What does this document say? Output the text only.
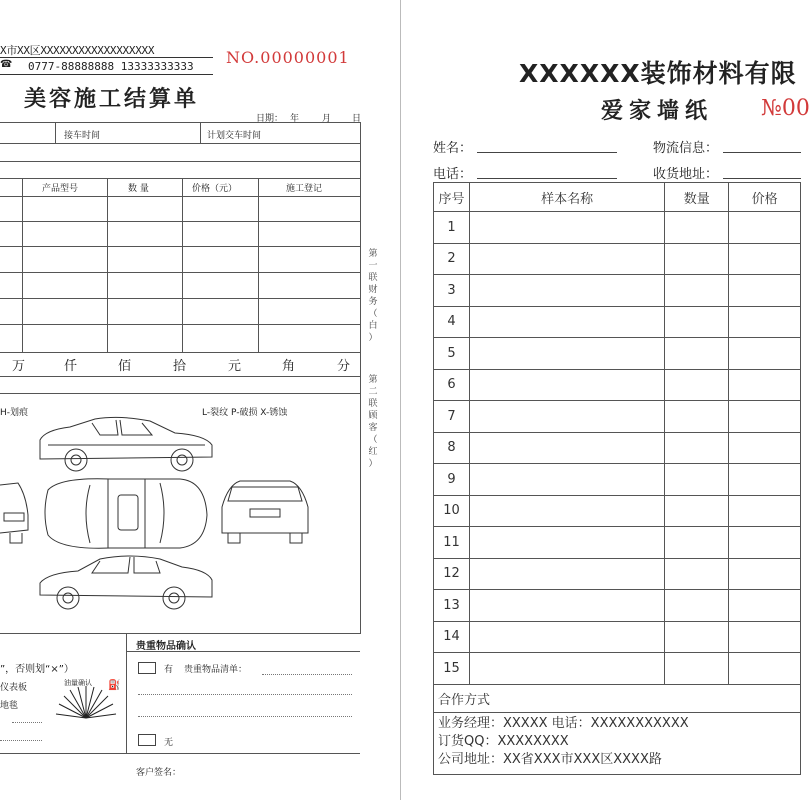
X市XX区XXXXXXXXXXXXXXXXXX
☎ 0777-88888888 13333333333 NO.00000001
美容施工结算单
日期： 年	月 日
接车时间	计划交车时间
产品型号	数 量	价格（元）	施工登记
万	仟	佰	拾	元	角	分
第
一
联
财
务
（
白
）
第
二
联
顾
客
（
红
）
H-划痕	L-裂纹 P-破损 X-锈蚀
贵重物品确认
”，否则划“×”）
仪表板
地毯
油量确认 ⛽
有 贵重物品清单：
无
客户签名：
XXXXXX装饰材料有限
爱家墙纸 №00
姓名：	物流信息：
电话：	收货地址：
序号	样本名称	数量	价格
1			
2			
3			
4			
5			
6			
7			
8			
9			
10			
11			
12			
13			
14			
15			
合作方式			

业务经理：XXXXX 电话：XXXXXXXXXXX
订货QQ：XXXXXXXX
公司地址：XX省XXX市XXX区XXXX路			
